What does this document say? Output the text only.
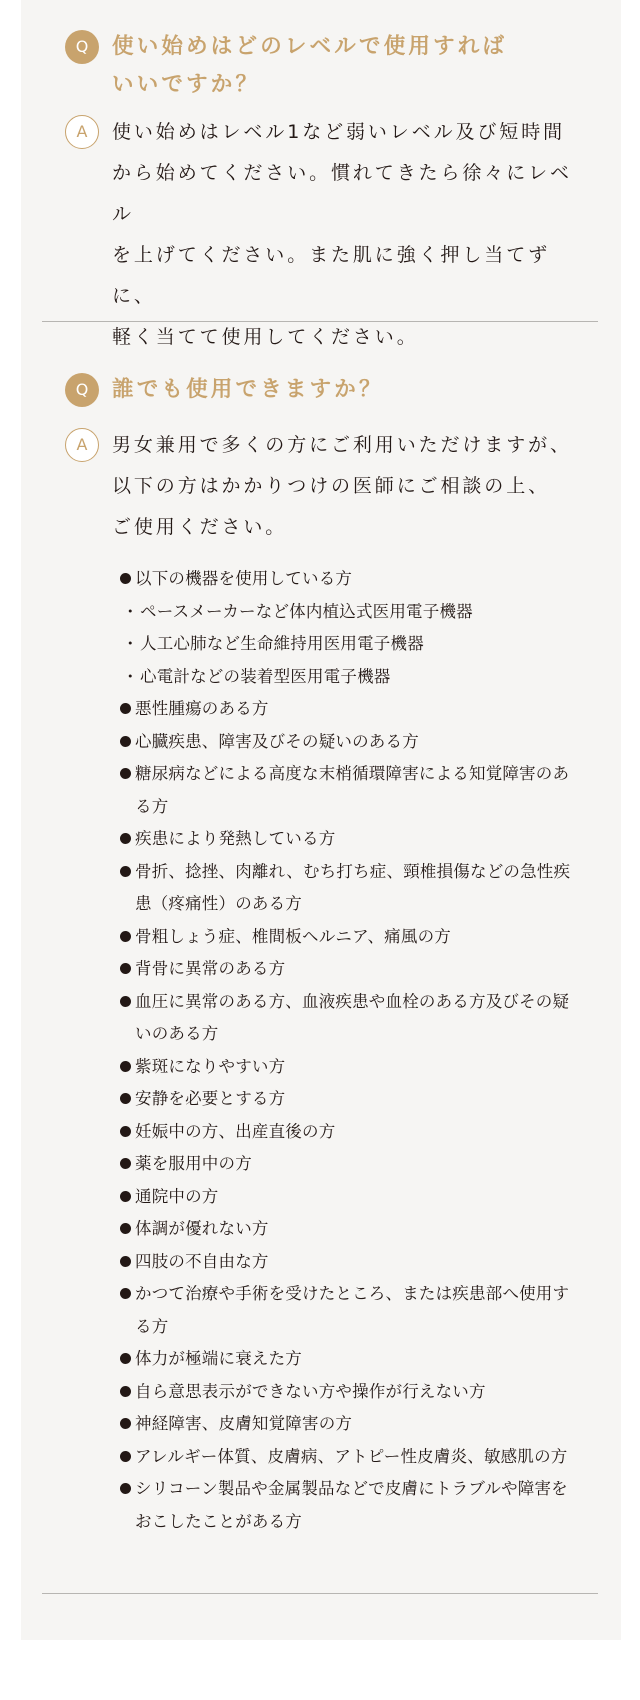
Q	使い始めはどのレベルで使用すれば
いいですか？
A	使い始めはレベル1など弱いレベル及び短時間
から始めてください。慣れてきたら徐々にレベル
を上げてください。また肌に強く押し当てずに、
軽く当てて使用してください。
Q	誰でも使用できますか？
A	男女兼用で多くの方にご利用いただけますが、
以下の方はかかりつけの医師にご相談の上、
ご使用ください。
以下の機器を使用している方
・ ペースメーカーなど体内植込式医用電子機器
・ 人工心肺など生命維持用医用電子機器
・ 心電計などの装着型医用電子機器
悪性腫瘍のある方
心臓疾患、障害及びその疑いのある方
糖尿病などによる高度な末梢循環障害による知覚障害のある方
疾患により発熱している方
骨折、捻挫、肉離れ、むち打ち症、頸椎損傷などの急性疾患（疼痛性）のある方
骨粗しょう症、椎間板ヘルニア、痛風の方
背骨に異常のある方
血圧に異常のある方、血液疾患や血栓のある方及びその疑いのある方
紫斑になりやすい方
安静を必要とする方
妊娠中の方、出産直後の方
薬を服用中の方
通院中の方
体調が優れない方
四肢の不自由な方
かつて治療や手術を受けたところ、または疾患部へ使用する方
体力が極端に衰えた方
自ら意思表示ができない方や操作が行えない方
神経障害、皮膚知覚障害の方
アレルギー体質、皮膚病、アトピー性皮膚炎、敏感肌の方
シリコーン製品や金属製品などで皮膚にトラブルや障害をおこしたことがある方
